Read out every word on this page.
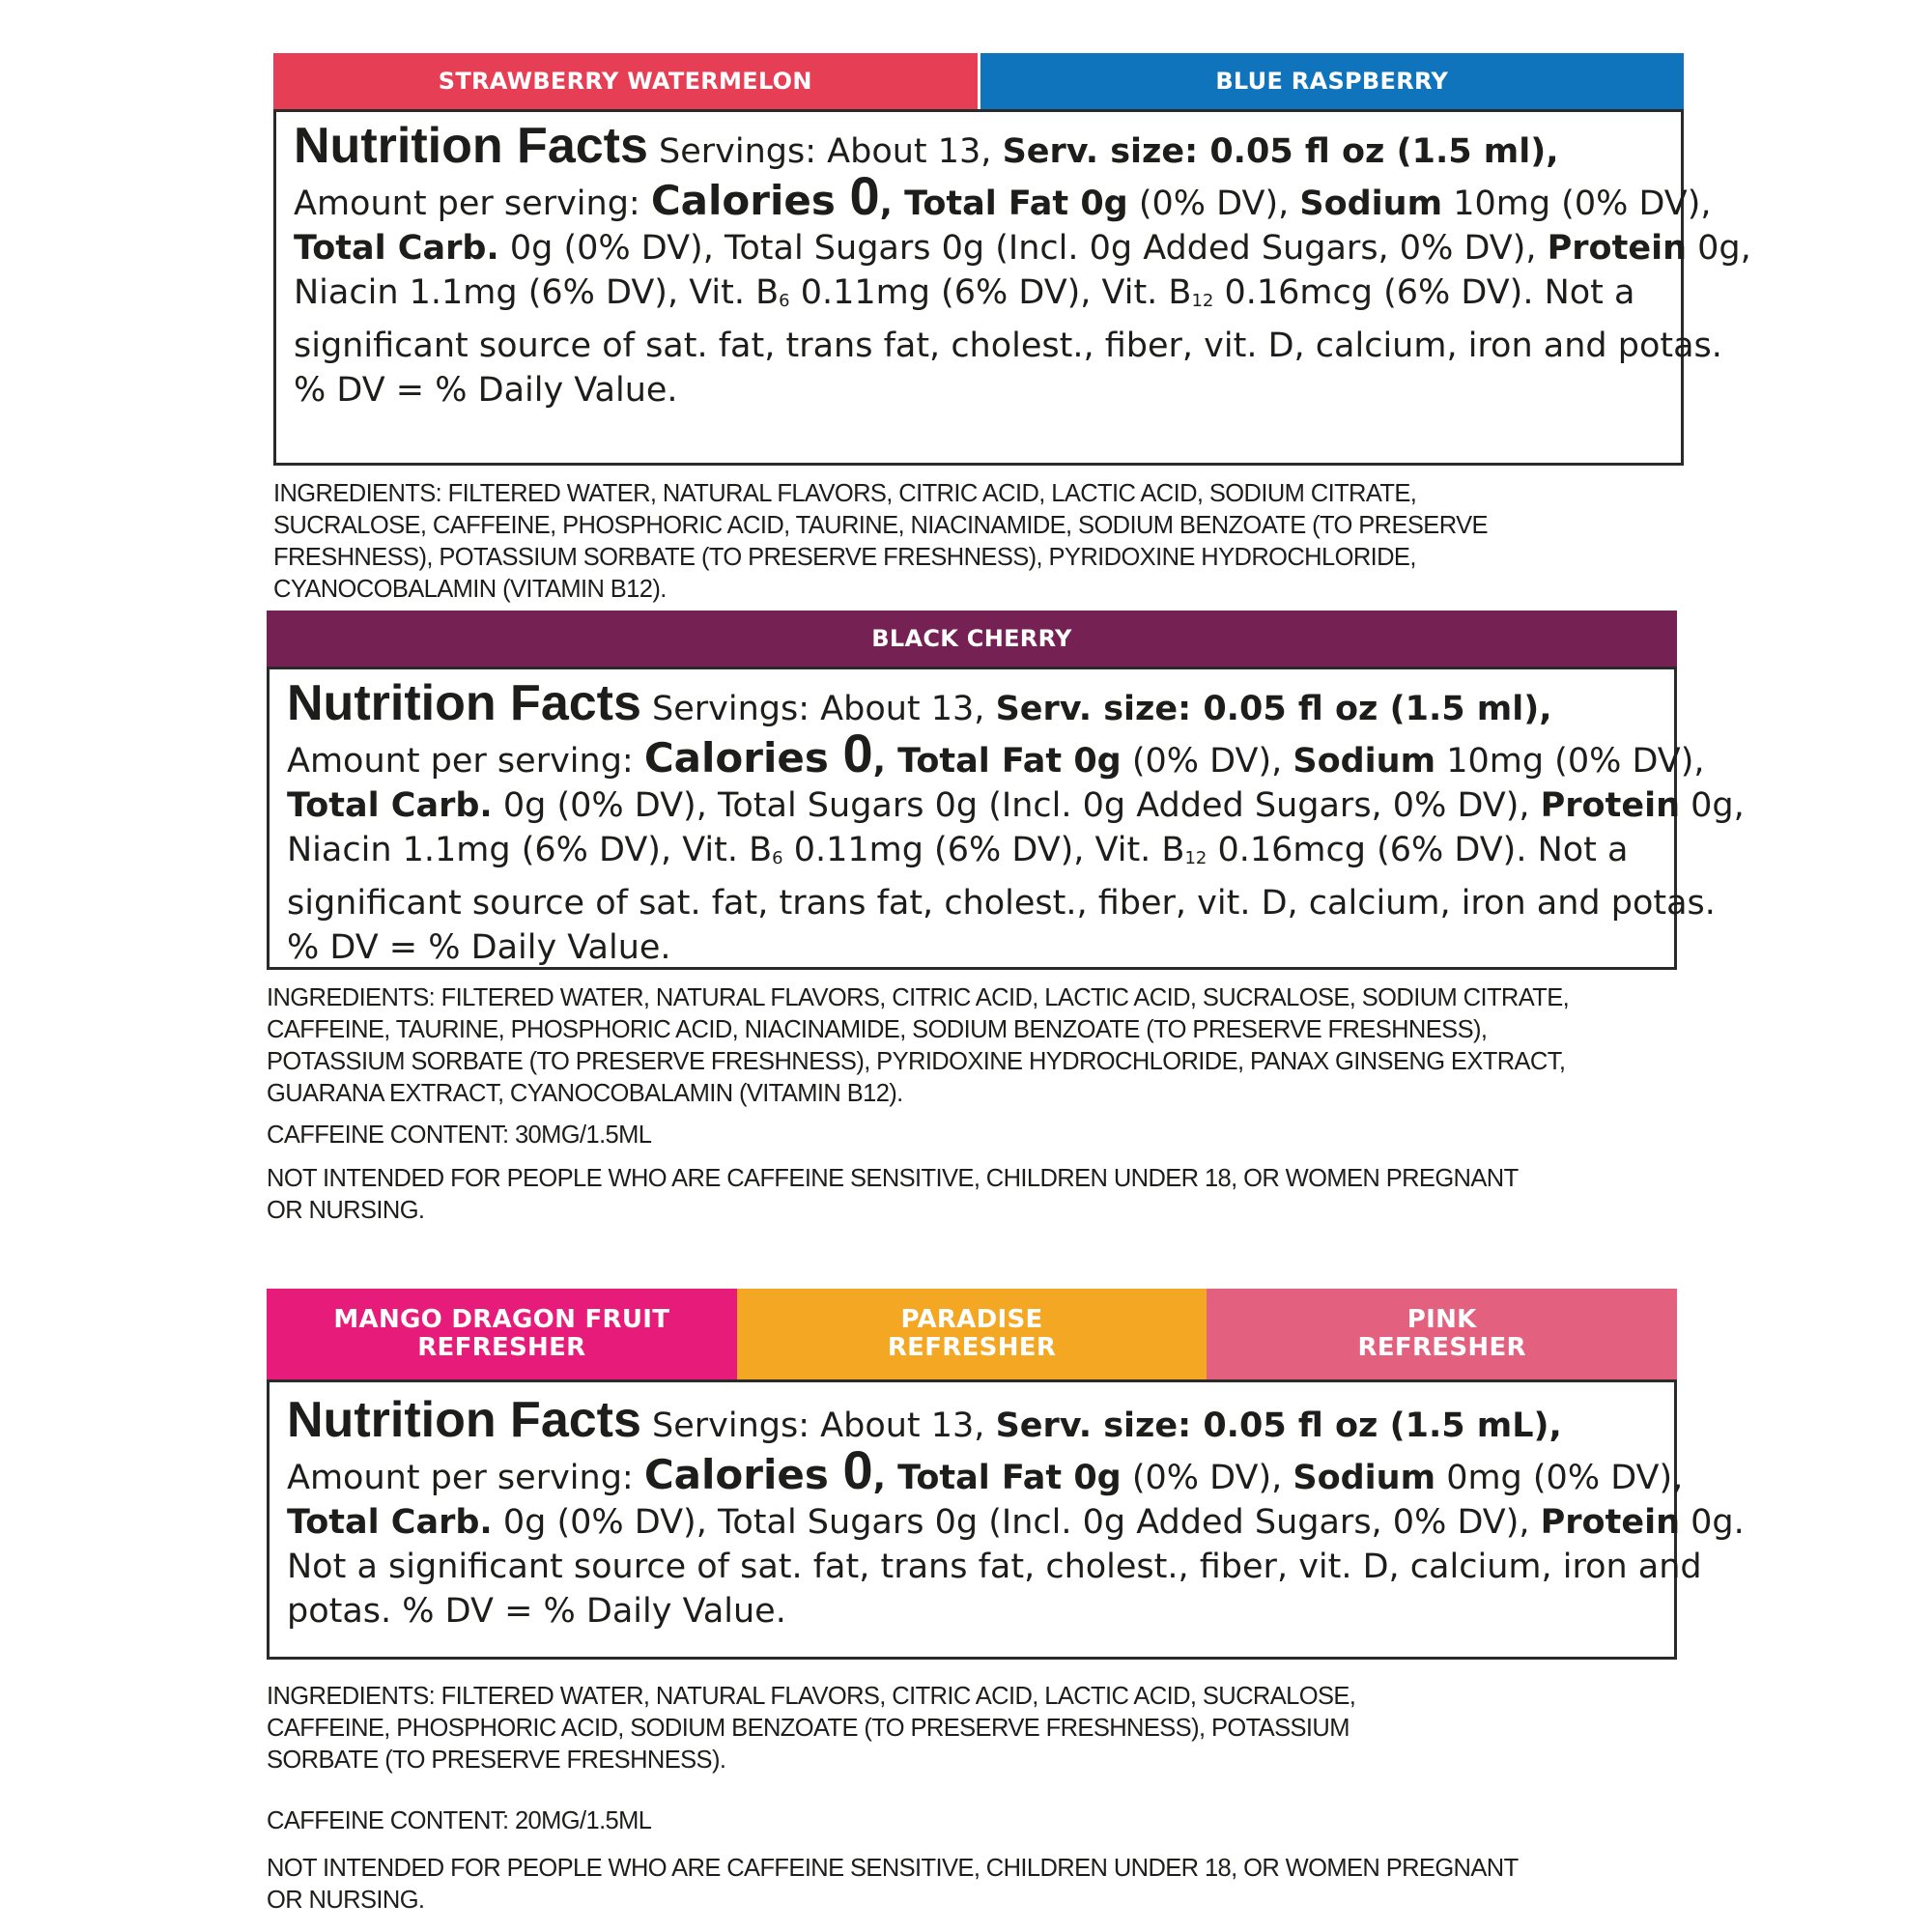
STRAWBERRY WATERMELON	BLUE RASPBERRY
Nutrition Facts Servings: About 13, Serv. size: 0.05 fl oz (1.5 ml),
Amount per serving: Calories 0, Total Fat 0g (0% DV), Sodium 10mg (0% DV),
Total Carb. 0g (0% DV), Total Sugars 0g (Incl. 0g Added Sugars, 0% DV), Protein 0g,
Niacin 1.1mg (6% DV), Vit. $B_6$ 0.11mg (6% DV), Vit. $B_{12}$ 0.16mcg (6% DV). Not a
significant source of sat. fat, trans fat, cholest., fiber, vit. D, calcium, iron and potas.
% DV = % Daily Value.

INGREDIENTS: FILTERED WATER, NATURAL FLAVORS, CITRIC ACID, LACTIC ACID, SODIUM CITRATE,

SUCRALOSE, CAFFEINE, PHOSPHORIC ACID, TAURINE, NIACINAMIDE, SODIUM BENZOATE (TO PRESERVE

FRESHNESS), POTASSIUM SORBATE (TO PRESERVE FRESHNESS), PYRIDOXINE HYDROCHLORIDE,

CYANOCOBALAMIN (VITAMIN B12).

BLACK CHERRY
Nutrition Facts Servings: About 13, Serv. size: 0.05 fl oz (1.5 ml),
Amount per serving: Calories 0, Total Fat 0g (0% DV), Sodium 10mg (0% DV),
Total Carb. 0g (0% DV), Total Sugars 0g (Incl. 0g Added Sugars, 0% DV), Protein 0g,
Niacin 1.1mg (6% DV), Vit. $B_6$ 0.11mg (6% DV), Vit. $B_{12}$ 0.16mcg (6% DV). Not a
significant source of sat. fat, trans fat, cholest., fiber, vit. D, calcium, iron and potas.
% DV = % Daily Value.

INGREDIENTS: FILTERED WATER, NATURAL FLAVORS, CITRIC ACID, LACTIC ACID, SUCRALOSE, SODIUM CITRATE,

CAFFEINE, TAURINE, PHOSPHORIC ACID, NIACINAMIDE, SODIUM BENZOATE (TO PRESERVE FRESHNESS),

POTASSIUM SORBATE (TO PRESERVE FRESHNESS), PYRIDOXINE HYDROCHLORIDE, PANAX GINSENG EXTRACT,

GUARANA EXTRACT, CYANOCOBALAMIN (VITAMIN B12).

CAFFEINE CONTENT: 30MG/1.5ML

NOT INTENDED FOR PEOPLE WHO ARE CAFFEINE SENSITIVE, CHILDREN UNDER 18, OR WOMEN PREGNANT

OR NURSING.

MANGO DRAGON FRUIT
REFRESHER
PARADISE
REFRESHER
PINK
REFRESHER
Nutrition Facts Servings: About 13, Serv. size: 0.05 fl oz (1.5 mL),
Amount per serving: Calories 0, Total Fat 0g (0% DV), Sodium 0mg (0% DV),
Total Carb. 0g (0% DV), Total Sugars 0g (Incl. 0g Added Sugars, 0% DV), Protein 0g.
Not a significant source of sat. fat, trans fat, cholest., fiber, vit. D, calcium, iron and
potas. % DV = % Daily Value.

INGREDIENTS: FILTERED WATER, NATURAL FLAVORS, CITRIC ACID, LACTIC ACID, SUCRALOSE,

CAFFEINE, PHOSPHORIC ACID, SODIUM BENZOATE (TO PRESERVE FRESHNESS), POTASSIUM

SORBATE (TO PRESERVE FRESHNESS).

CAFFEINE CONTENT: 20MG/1.5ML

NOT INTENDED FOR PEOPLE WHO ARE CAFFEINE SENSITIVE, CHILDREN UNDER 18, OR WOMEN PREGNANT

OR NURSING.
